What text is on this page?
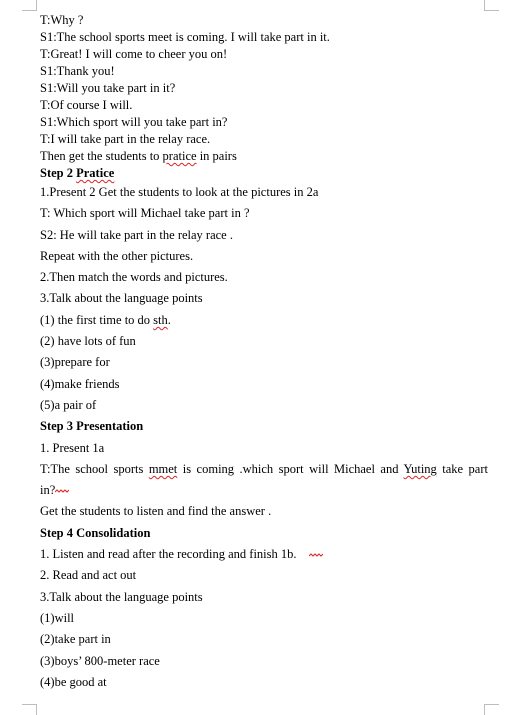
T:Why ?
S1:The school sports meet is coming. I will take part in it.
T:Great! I will come to cheer you on!
S1:Thank you!
S1:Will you take part in it?
T:Of course I will.
S1:Which sport will you take part in?
T:I will take part in the relay race.
Then get the students to pratice in pairs
Step 2 Pratice
1.Present 2 Get the students to look at the pictures in 2a
T: Which sport will Michael take part in ?
S2: He will take part in the relay race .
Repeat with the other pictures.
2.Then match the words and pictures.
3.Talk about the language points
(1) the first time to do sth.
(2) have lots of fun
(3)prepare for
(4)make friends
(5)a pair of
Step 3 Presentation
1. Present 1a
T:The school sports mmet is coming .which sport will Michael and Yuting take part
in?
Get the students to listen and find the answer .
Step 4 Consolidation
1. Listen and read after the recording and finish 1b.
2. Read and act out
3.Talk about the language points
(1)will
(2)take part in
(3)boys’ 800-meter race
(4)be good at
